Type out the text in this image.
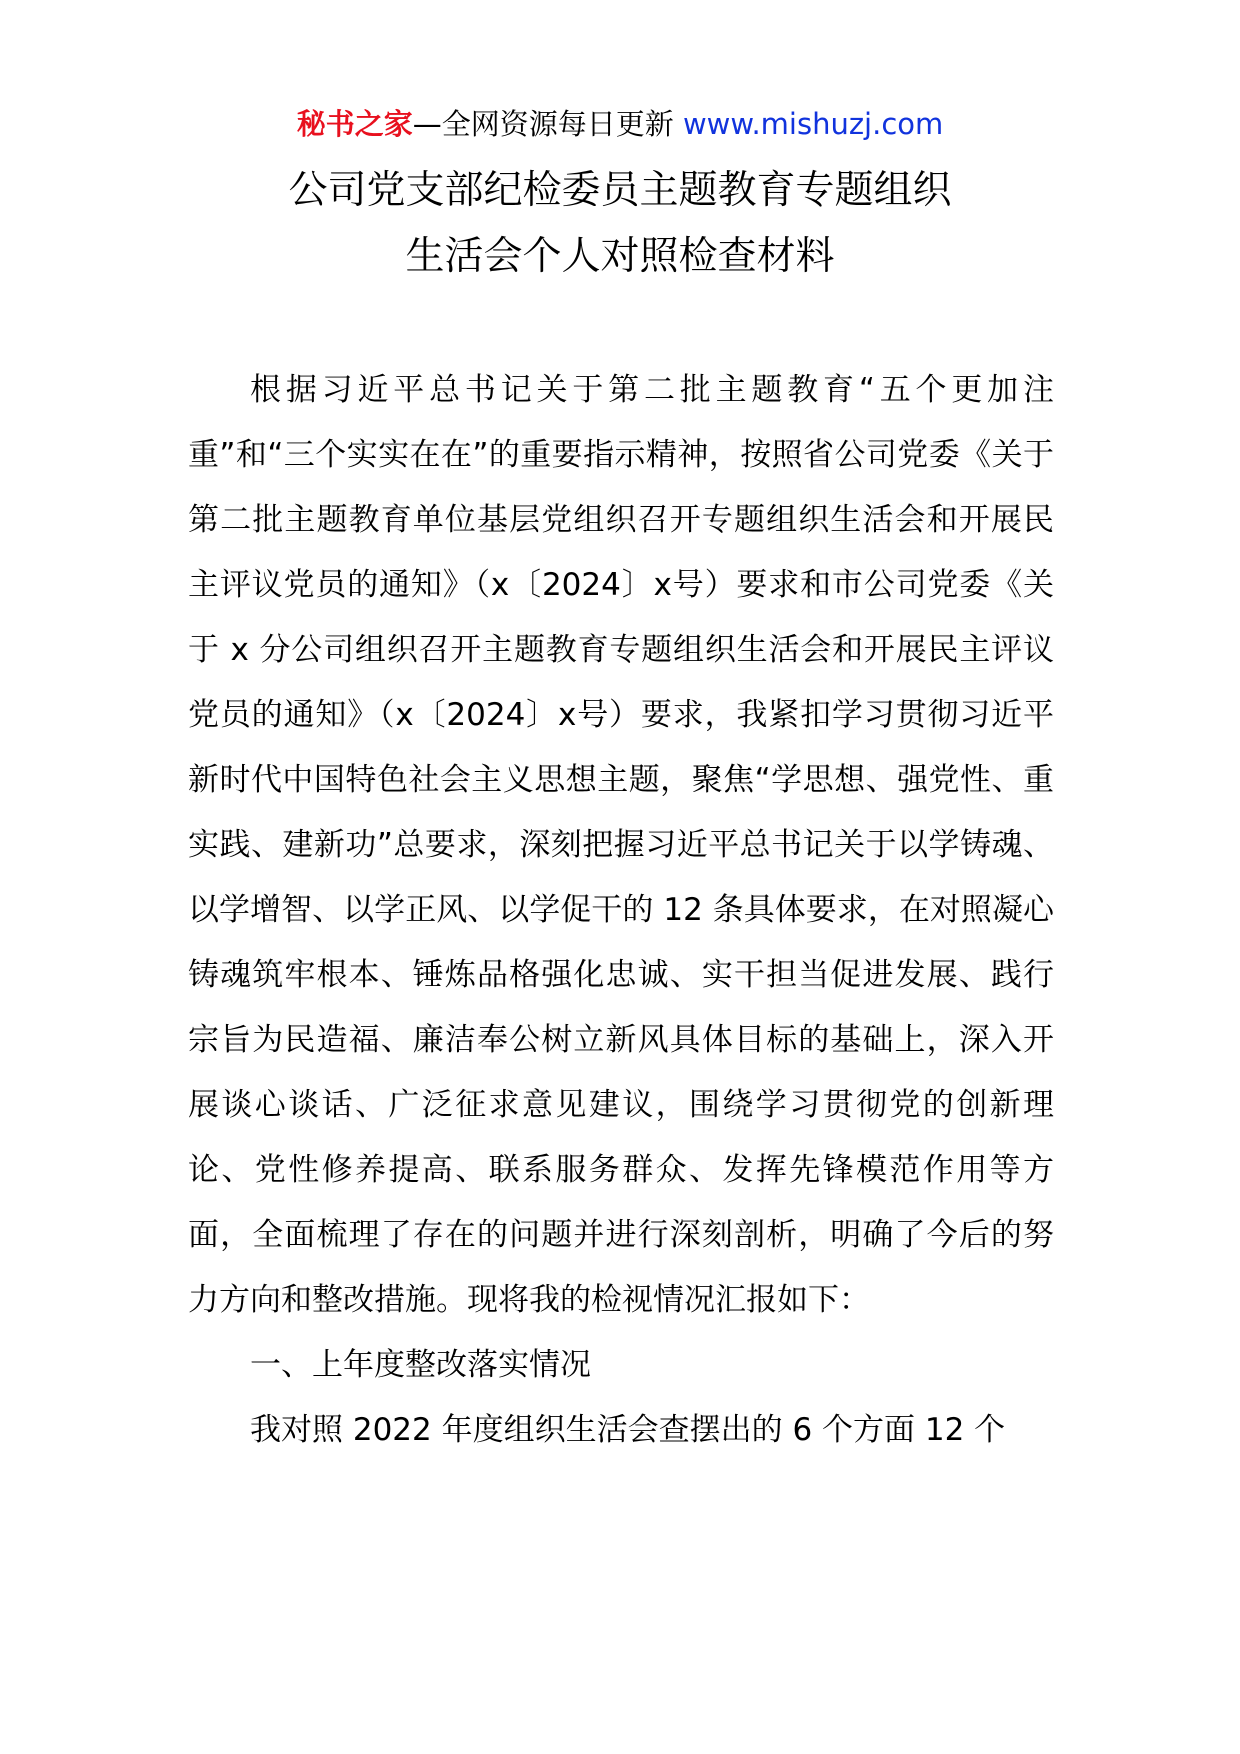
秘书之家—全网资源每日更新 www.mishuzj.com
公司党支部纪检委员主题教育专题组织
生活会个人对照检查材料

根据习近平总书记关于第二批主题教育“五个更加注重”和“三个实实在在”的重要指示精神，按照省公司党委《关于第二批主题教育单位基层党组织召开专题组织生活会和开展民主评议党员的通知》（x〔2024〕x号）要求和市公司党委《关于 x 分公司组织召开主题教育专题组织生活会和开展民主评议党员的通知》（x〔2024〕x号）要求，我紧扣学习贯彻习近平新时代中国特色社会主义思想主题，聚焦“学思想、强党性、重实践、建新功”总要求，深刻把握习近平总书记关于以学铸魂、以学增智、以学正风、以学促干的 12 条具体要求，在对照凝心铸魂筑牢根本、锤炼品格强化忠诚、实干担当促进发展、践行宗旨为民造福、廉洁奉公树立新风具体目标的基础上，深入开展谈心谈话、广泛征求意见建议，围绕学习贯彻党的创新理论、党性修养提高、联系服务群众、发挥先锋模范作用等方面，全面梳理了存在的问题并进行深刻剖析，明确了今后的努力方向和整改措施。现将我的检视情况汇报如下：

一、上年度整改落实情况

我对照 2022 年度组织生活会查摆出的 6 个方面 12 个
